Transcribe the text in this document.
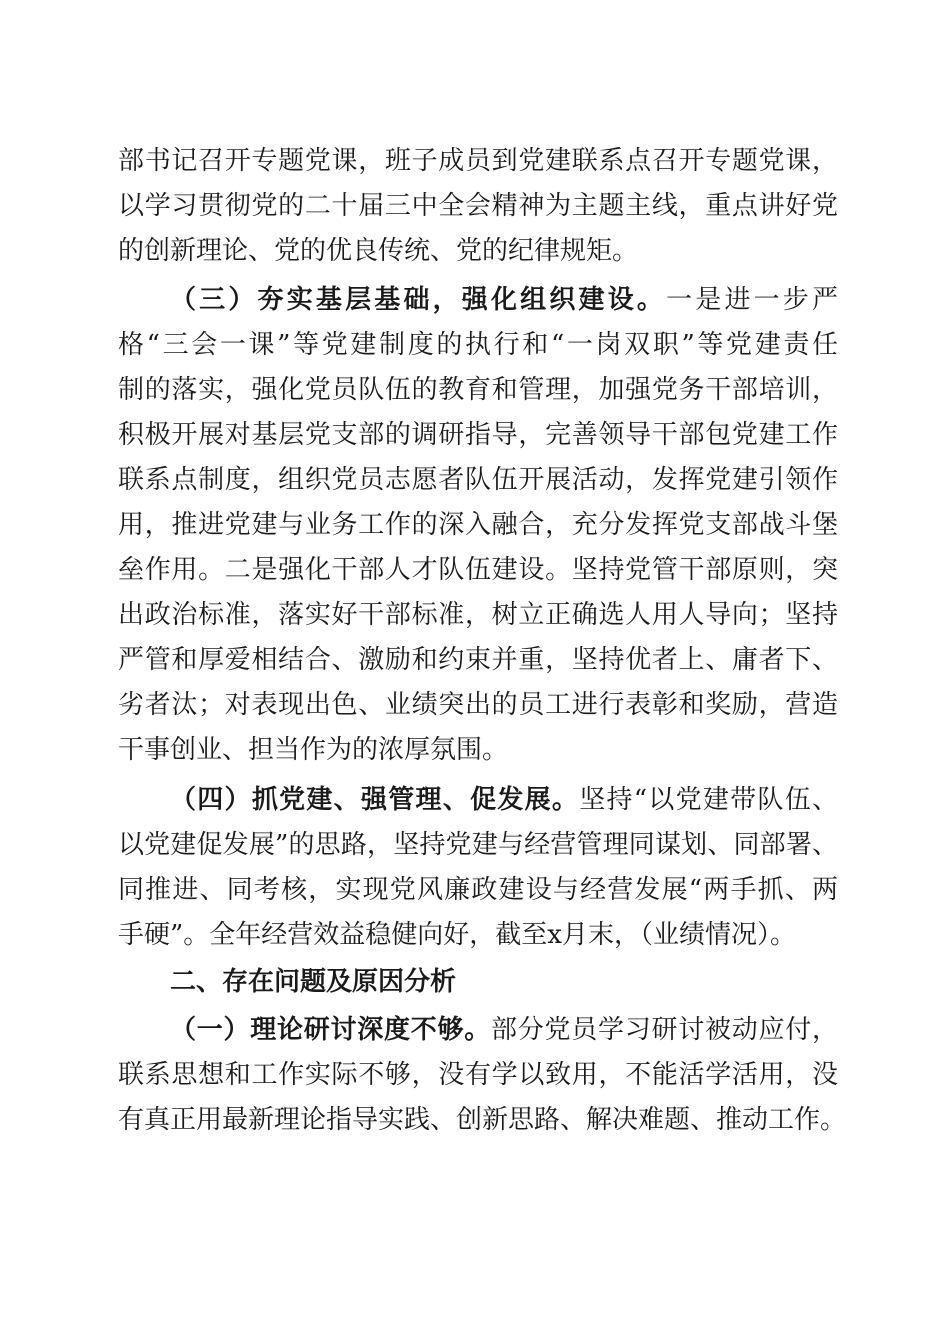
部书记召开专题党课，班子成员到党建联系点召开专题党课，
以学习贯彻党的二十届三中全会精神为主题主线，重点讲好党
的创新理论、党的优良传统、党的纪律规矩。
（三）夯实基层基础，强化组织建设。一是进一步严
格“三会一课”等党建制度的执行和“一岗双职”等党建责任
制的落实，强化党员队伍的教育和管理，加强党务干部培训，
积极开展对基层党支部的调研指导，完善领导干部包党建工作
联系点制度，组织党员志愿者队伍开展活动，发挥党建引领作
用，推进党建与业务工作的深入融合，充分发挥党支部战斗堡
垒作用。二是强化干部人才队伍建设。坚持党管干部原则，突
出政治标准，落实好干部标准，树立正确选人用人导向；坚持
严管和厚爱相结合、激励和约束并重，坚持优者上、庸者下、
劣者汰；对表现出色、业绩突出的员工进行表彰和奖励，营造
干事创业、担当作为的浓厚氛围。
（四）抓党建、强管理、促发展。坚持“以党建带队伍、
以党建促发展”的思路，坚持党建与经营管理同谋划、同部署、
同推进、同考核，实现党风廉政建设与经营发展“两手抓、两
手硬”。全年经营效益稳健向好，截至x月末，（业绩情况）。
二、存在问题及原因分析
（一）理论研讨深度不够。部分党员学习研讨被动应付，
联系思想和工作实际不够，没有学以致用，不能活学活用，没
有真正用最新理论指导实践、创新思路、解决难题、推动工作。
